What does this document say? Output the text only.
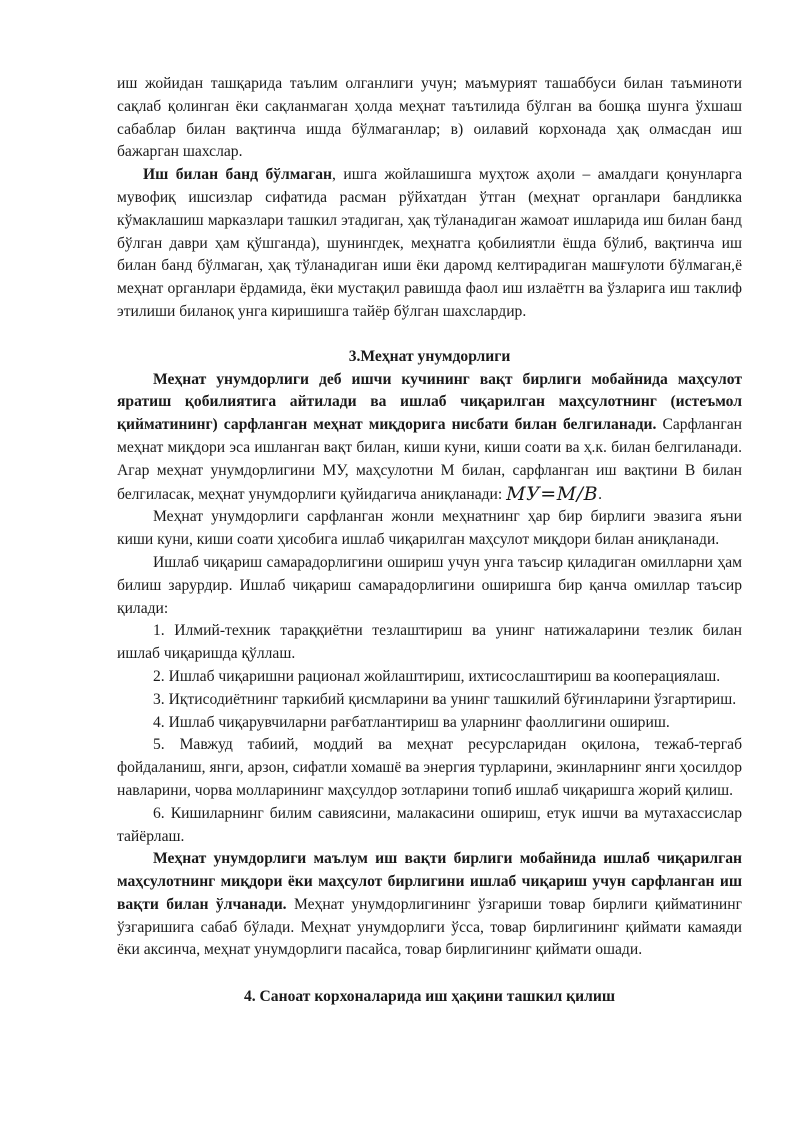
иш жойидан ташқарида таълим олганлиги учун; маъмурият ташаббуси билан таъминоти сақлаб қолинган ёки сақланмаган ҳолда меҳнат таътилида бўлган ва бошқа шунга ўхшаш сабаблар билан вақтинча ишда бўлмаганлар; в) оилавий корхонада ҳақ олмасдан иш бажарган шахслар.

Иш билан банд бўлмаган, ишга жойлашишга муҳтож аҳоли – амалдаги қонунларга мувофиқ ишсизлар сифатида расман рўйхатдан ўтган (меҳнат органлари бандликка кўмаклашиш марказлари ташкил этадиган, ҳақ тўланадиган жамоат ишларида иш билан банд бўлган даври ҳам қўшганда), шунингдек, меҳнатга қобилиятли ёшда бўлиб, вақтинча иш билан банд бўлмаган, ҳақ тўланадиган иши ёки даромд келтирадиган машғулоти бўлмаган,ё меҳнат органлари ёрдамида, ёки мустақил равишда фаол иш излаётгн ва ўзларига иш таклиф этилиши биланоқ унга киришишга тайёр бўлган шахслардир.

3.Меҳнат унумдорлиги

Меҳнат унумдорлиги деб ишчи кучининг вақт бирлиги мобайнида маҳсулот яратиш қобилиятига айтилади ва ишлаб чиқарилган маҳсулотнинг (истеъмол қийматининг) сарфланган меҳнат миқдорига нисбати билан белгиланади. Сарфланган меҳнат миқдори эса ишланган вақт билан, киши куни, киши соати ва ҳ.к. билан белгиланади. Агар меҳнат унумдорлигини МУ, маҳсулотни М билан, сарфланган иш вақтини В билан белгиласак, меҳнат унумдорлиги қуйидагича аниқланади: МУ=М/В.

Меҳнат унумдорлиги сарфланган жонли меҳнатнинг ҳар бир бирлиги эвазига яъни киши куни, киши соати ҳисобига ишлаб чиқарилган маҳсулот миқдори билан аниқланади.

Ишлаб чиқариш самарадорлигини ошириш учун унга таъсир қиладиган омилларни ҳам билиш зарурдир. Ишлаб чиқариш самарадорлигини оширишга бир қанча омиллар таъсир қилади:

1. Илмий-техник тараққиётни тезлаштириш ва унинг натижаларини тезлик билан ишлаб чиқаришда қўллаш.

2. Ишлаб чиқаришни рационал жойлаштириш, ихтисослаштириш ва кооперациялаш.

3. Иқтисодиётнинг таркибий қисмларини ва унинг ташкилий бўғинларини ўзгартириш.

4. Ишлаб чиқарувчиларни рағбатлантириш ва уларнинг фаоллигини ошириш.

5. Мавжуд табиий, моддий ва меҳнат ресурсларидан оқилона, тежаб-тергаб фойдаланиш, янги, арзон, сифатли хомашё ва энергия турларини, экинларнинг янги ҳосилдор навларини, чорва молларининг маҳсулдор зотларини топиб ишлаб чиқаришга жорий қилиш.

6. Кишиларнинг билим савиясини, малакасини ошириш, етук ишчи ва мутахассислар тайёрлаш.

Меҳнат унумдорлиги маълум иш вақти бирлиги мобайнида ишлаб чиқарилган маҳсулотнинг миқдори ёки маҳсулот бирлигини ишлаб чиқариш учун сарфланган иш вақти билан ўлчанади. Меҳнат унумдорлигининг ўзгариши товар бирлиги қийматининг ўзгаришига сабаб бўлади. Меҳнат унумдорлиги ўсса, товар бирлигининг қиймати камаяди ёки аксинча, меҳнат унумдорлиги пасайса, товар бирлигининг қиймати ошади.

4. Саноат корхоналарида иш ҳақини ташкил қилиш
